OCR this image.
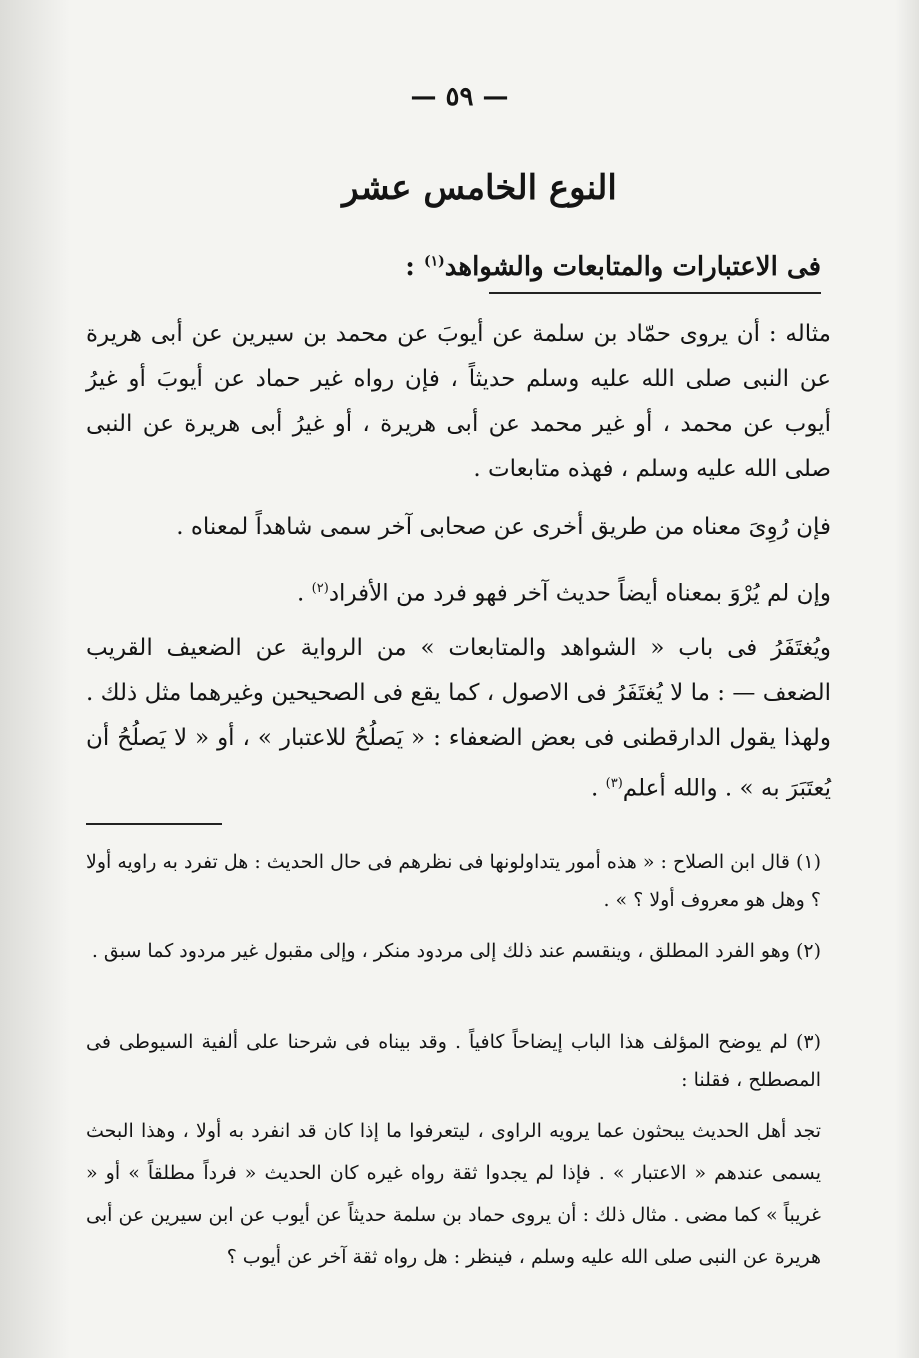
— ٥٩ —
النوع الخامس عشر
فى الاعتبارات والمتابعات والشواهد$^{(١)}$ :
مثاله : أن يروى حمّاد بن سلمة عن أيوبَ عن محمد بن سيرين عن أبى هريرة عن النبى صلى الله عليه وسلم حديثاً ، فإن رواه غير حماد عن أيوبَ أو غيرُ أيوب عن محمد ، أو غير محمد عن أبى هريرة ، أو غيرُ أبى هريرة عن النبى صلى الله عليه وسلم ، فهذه متابعات .
فإن رُوِىَ معناه من طريق أخرى عن صحابى آخر سمى شاهداً لمعناه .
وإن لم يُرْوَ بمعناه أيضاً حديث آخر فهو فرد من الأفراد$^{(٢)}$ .
ويُغتَفَرُ فى باب « الشواهد والمتابعات » من الرواية عن الضعيف القريب الضعف — : ما لا يُغتَفَرُ فى الاصول ، كما يقع فى الصحيحين وغيرهما مثل ذلك . ولهذا يقول الدارقطنى فى بعض الضعفاء : « يَصلُحُ للاعتبار » ، أو « لا يَصلُحُ أن يُعتَبَرَ به » . والله أعلم$^{(٣)}$ .
(١) قال ابن الصلاح : « هذه أمور يتداولونها فى نظرهم فى حال الحديث : هل تفرد به راويه أولا ؟ وهل هو معروف أولا ؟ » .
(٢) وهو الفرد المطلق ، وينقسم عند ذلك إلى مردود منكر ، وإلى مقبول غير مردود كما سبق .
(٣) لم يوضح المؤلف هذا الباب إيضاحاً كافياً . وقد بيناه فى شرحنا على ألفية السيوطى فى المصطلح ، فقلنا :
تجد أهل الحديث يبحثون عما يرويه الراوى ، ليتعرفوا ما إذا كان قد انفرد به أولا ، وهذا البحث يسمى عندهم « الاعتبار » . فإذا لم يجدوا ثقة رواه غيره كان الحديث « فرداً مطلقاً » أو « غريباً » كما مضى . مثال ذلك : أن يروى حماد بن سلمة حديثاً عن أيوب عن ابن سيرين عن أبى هريرة عن النبى صلى الله عليه وسلم ، فينظر : هل رواه ثقة آخر عن أيوب ؟
